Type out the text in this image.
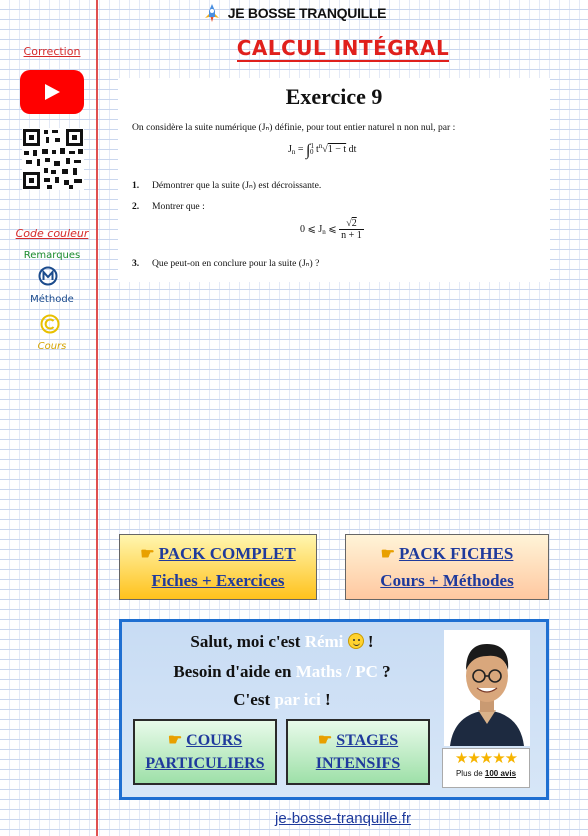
JE BOSSE TRANQUILLE
CALCUL INTÉGRAL
Correction
Code couleur
Remarques
Méthode
Cours
Exercice 9
On considère la suite numérique (Jₙ) définie, pour tout entier naturel n non nul, par :
$J_n = \int^1_0$ $t^n√1 - t$ dt
1. Démontrer que la suite (Jₙ) est décroissante.
2. Montrer que :
0 ⩽ $J_n$ ⩽ $\frac{√2}{n + 1}$
3. Que peut-on en conclure pour la suite (Jₙ) ?
☛ PACK COMPLET
Fiches + Exercices
☛ PACK FICHES
Cours + Méthodes
Salut, moi c'est Rémi  !
Besoin d'aide en Maths / PC ?
C'est par ici !
☛ COURS
PARTICULIERS
☛ STAGES
INTENSIFS	★★★★★
Plus de 100 avis
je-bosse-tranquille.fr
